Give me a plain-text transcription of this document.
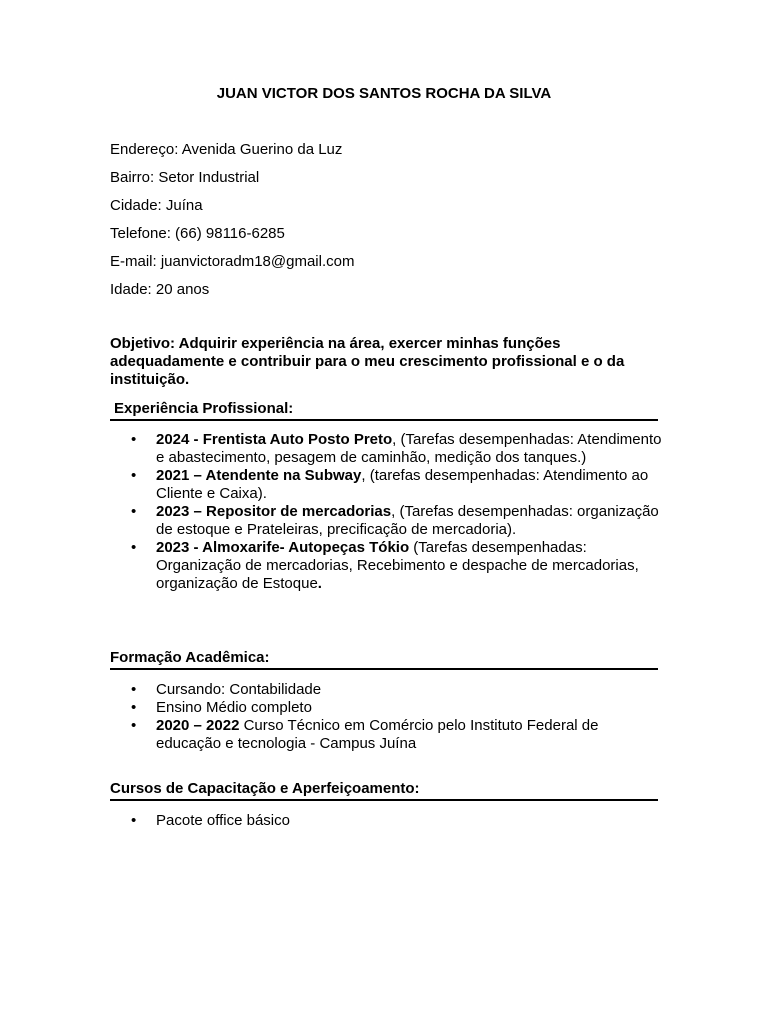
JUAN VICTOR DOS SANTOS ROCHA DA SILVA
Endereço: Avenida Guerino da Luz
Bairro: Setor Industrial
Cidade: Juína
Telefone: (66) 98116-6285
E-mail: juanvictoradm18@gmail.com
Idade: 20 anos
Objetivo: Adquirir experiência na área, exercer minhas funções adequadamente e contribuir para o meu crescimento profissional e o da instituição.
Experiência Profissional:
• 2024 - Frentista Auto Posto Preto, (Tarefas desempenhadas: Atendimento e abastecimento, pesagem de caminhão, medição dos tanques.)
• 2021 – Atendente na Subway, (tarefas desempenhadas: Atendimento ao Cliente e Caixa).
• 2023 – Repositor de mercadorias, (Tarefas desempenhadas: organização de estoque e Prateleiras, precificação de mercadoria).
• 2023 - Almoxarife- Autopeças Tókio (Tarefas desempenhadas: Organização de mercadorias, Recebimento e despache de mercadorias, organização de Estoque.
Formação Acadêmica:
• Cursando: Contabilidade
• Ensino Médio completo
• 2020 – 2022 Curso Técnico em Comércio pelo Instituto Federal de educação e tecnologia - Campus Juína
Cursos de Capacitação e Aperfeiçoamento:
• Pacote office básico
